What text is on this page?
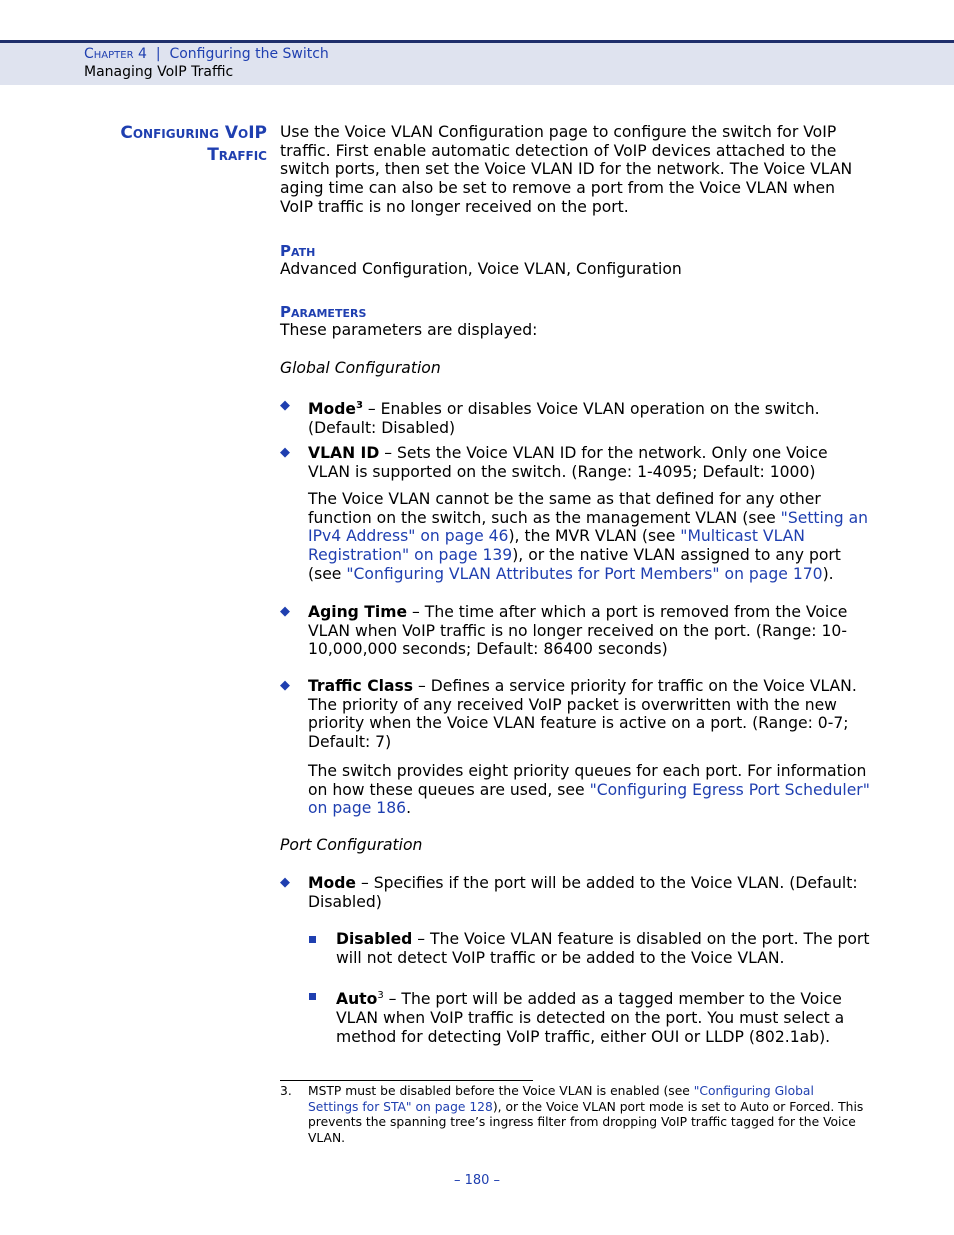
Chapter 4 | Configuring the Switch
Managing VoIP Traffic
Configuring VoIP
Traffic
Use the Voice VLAN Configuration page to configure the switch for VoIP traffic. First enable automatic detection of VoIP devices attached to the switch ports, then set the Voice VLAN ID for the network. The Voice VLAN aging time can also be set to remove a port from the Voice VLAN when VoIP traffic is no longer received on the port.
Path
Advanced Configuration, Voice VLAN, Configuration
Parameters
These parameters are displayed:
Global Configuration
◆ Mode$^3$ – Enables or disables Voice VLAN operation on the switch. (Default: Disabled)
◆ VLAN ID – Sets the Voice VLAN ID for the network. Only one Voice VLAN is supported on the switch. (Range: 1-4095; Default: 1000)
The Voice VLAN cannot be the same as that defined for any other function on the switch, such as the management VLAN (see "Setting an IPv4 Address" on page 46), the MVR VLAN (see "Multicast VLAN Registration" on page 139), or the native VLAN assigned to any port (see "Configuring VLAN Attributes for Port Members" on page 170).
◆ Aging Time – The time after which a port is removed from the Voice VLAN when VoIP traffic is no longer received on the port. (Range: 10-10,000,000 seconds; Default: 86400 seconds)
◆ Traffic Class – Defines a service priority for traffic on the Voice VLAN. The priority of any received VoIP packet is overwritten with the new priority when the Voice VLAN feature is active on a port. (Range: 0-7; Default: 7)
The switch provides eight priority queues for each port. For information on how these queues are used, see "Configuring Egress Port Scheduler" on page 186.
Port Configuration
◆ Mode – Specifies if the port will be added to the Voice VLAN. (Default: Disabled)
Disabled – The Voice VLAN feature is disabled on the port. The port will not detect VoIP traffic or be added to the Voice VLAN.
Auto$^3$ – The port will be added as a tagged member to the Voice VLAN when VoIP traffic is detected on the port. You must select a method for detecting VoIP traffic, either OUI or LLDP (802.1ab).
3. MSTP must be disabled before the Voice VLAN is enabled (see "Configuring Global Settings for STA" on page 128), or the Voice VLAN port mode is set to Auto or Forced. This prevents the spanning tree’s ingress filter from dropping VoIP traffic tagged for the Voice VLAN.
– 180 –
